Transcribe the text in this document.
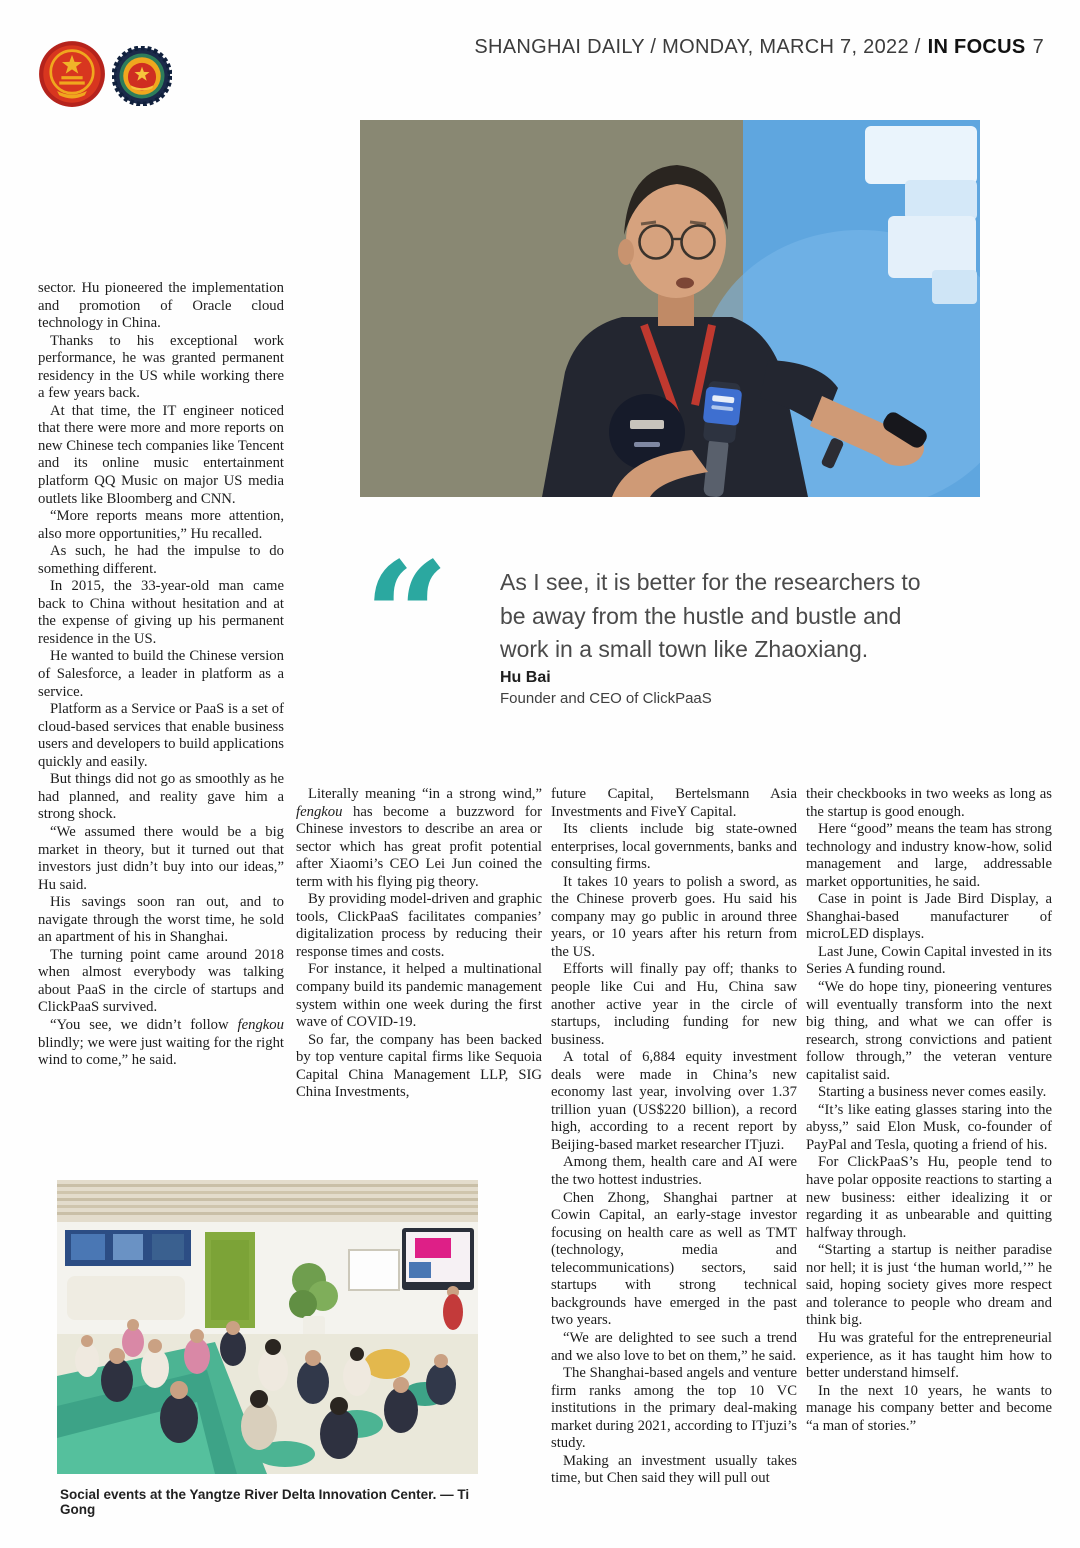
SHANGHAI DAILY / MONDAY, MARCH 7, 2022 / IN FOCUS 7
“ As I see, it is better for the researchers to be away from the hustle and bustle and work in a small town like Zhaoxiang.
Hu Bai
Founder and CEO of ClickPaaS

sector. Hu pioneered the implementation and promotion of Oracle cloud technology in China.

Thanks to his exceptional work performance, he was granted permanent residency in the US while working there a few years back.

At that time, the IT engineer noticed that there were more and more reports on new Chinese tech companies like Tencent and its online music entertainment platform QQ Music on major US media outlets like Bloomberg and CNN.

“More reports means more attention, also more opportunities,” Hu recalled.

As such, he had the impulse to do something different.

In 2015, the 33-year-old man came back to China without hesitation and at the expense of giving up his permanent residence in the US.

He wanted to build the Chinese version of Salesforce, a leader in platform as a service.

Platform as a Service or PaaS is a set of cloud-based services that enable business users and developers to build applications quickly and easily.

But things did not go as smoothly as he had planned, and reality gave him a strong shock.

“We assumed there would be a big market in theory, but it turned out that investors just didn’t buy into our ideas,” Hu said.

His savings soon ran out, and to navigate through the worst time, he sold an apartment of his in Shanghai.

The turning point came around 2018 when almost everybody was talking about PaaS in the circle of startups and ClickPaaS survived.

“You see, we didn’t follow fengkou blindly; we were just waiting for the right wind to come,” he said.

Literally meaning “in a strong wind,” fengkou has become a buzzword for Chinese investors to describe an area or sector which has great profit potential after Xiaomi’s CEO Lei Jun coined the term with his flying pig theory.

By providing model-driven and graphic tools, ClickPaaS facilitates companies’ digitalization process by reducing their response times and costs.

For instance, it helped a multinational company build its pandemic management system within one week during the first wave of COVID-19.

So far, the company has been backed by top venture capital firms like Sequoia Capital China Management LLP, SIG China Investments,

future Capital, Bertelsmann Asia Investments and FiveY Capital.

Its clients include big state-owned enterprises, local governments, banks and consulting firms.

It takes 10 years to polish a sword, as the Chinese proverb goes. Hu said his company may go public in around three years, or 10 years after his return from the US.

Efforts will finally pay off; thanks to people like Cui and Hu, China saw another active year in the circle of startups, including funding for new business.

A total of 6,884 equity investment deals were made in China’s new economy last year, involving over 1.37 trillion yuan (US$220 billion), a record high, according to a recent report by Beijing-based market researcher ITjuzi.

Among them, health care and AI were the two hottest industries.

Chen Zhong, Shanghai partner at Cowin Capital, an early-stage investor focusing on health care as well as TMT (technology, media and telecommunications) sectors, said startups with strong technical backgrounds have emerged in the past two years.

“We are delighted to see such a trend and we also love to bet on them,” he said.

The Shanghai-based angels and venture firm ranks among the top 10 VC institutions in the primary deal-making market during 2021, according to ITjuzi’s study.

Making an investment usually takes time, but Chen said they will pull out

their checkbooks in two weeks as long as the startup is good enough.

Here “good” means the team has strong technology and industry know-how, solid management and large, addressable market opportunities, he said.

Case in point is Jade Bird Display, a Shanghai-based manufacturer of microLED displays.

Last June, Cowin Capital invested in its Series A funding round.

“We do hope tiny, pioneering ventures will eventually transform into the next big thing, and what we can offer is research, strong convictions and patient follow through,” the veteran venture capitalist said.

Starting a business never comes easily.

“It’s like eating glasses staring into the abyss,” said Elon Musk, co-founder of PayPal and Tesla, quoting a friend of his.

For ClickPaaS’s Hu, people tend to have polar opposite reactions to starting a new business: either idealizing it or regarding it as unbearable and quitting halfway through.

“Starting a startup is neither paradise nor hell; it is just ‘the human world,’” he said, hoping society gives more respect and tolerance to people who dream and think big.

Hu was grateful for the entrepreneurial experience, as it has taught him how to better understand himself.

In the next 10 years, he wants to manage his company better and become “a man of stories.”

Social events at the Yangtze River Delta Innovation Center. — Ti Gong
